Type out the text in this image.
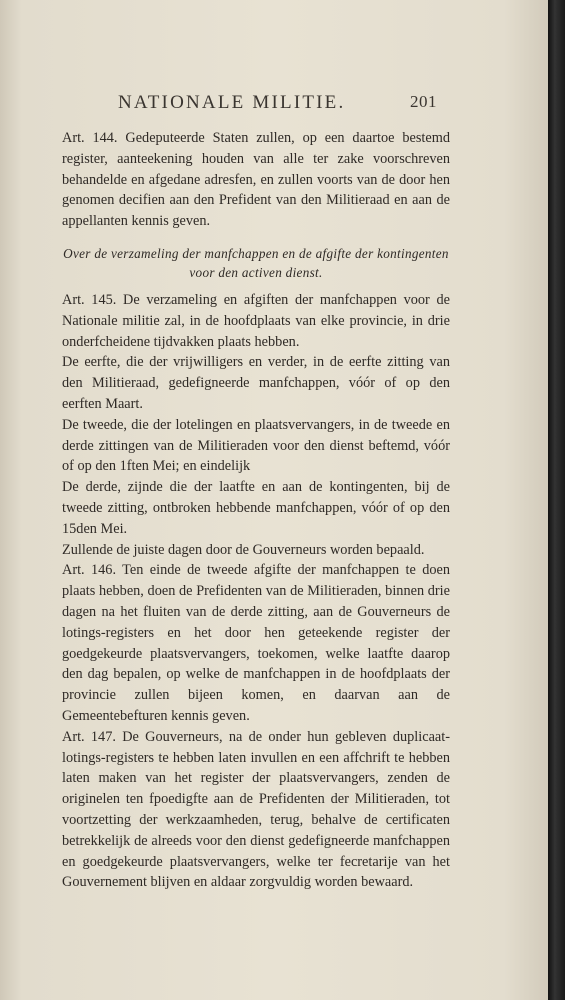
NATIONALE MILITIE.	201

Art. 144. Gedeputeerde Staten zullen, op een daartoe bestemd register, aanteekening houden van alle ter zake voorschreven behandelde en afgedane adresfen, en zullen voorts van de door hen genomen decifien aan den Prefident van den Militieraad en aan de appellanten kennis geven.

Over de verzameling der manfchappen en de afgifte der kontingenten voor den activen dienst.

Art. 145. De verzameling en afgiften der manfchappen voor de Nationale militie zal, in de hoofdplaats van elke provincie, in drie onderfcheidene tijdvakken plaats hebben.

De eerfte, die der vrijwilligers en verder, in de eerfte zitting van den Militieraad, gedefigneerde manfchappen, vóór of op den eerften Maart.

De tweede, die der lotelingen en plaatsvervangers, in de tweede en derde zittingen van de Militieraden voor den dienst beftemd, vóór of op den 1ften Mei; en eindelijk

De derde, zijnde die der laatfte en aan de kontingenten, bij de tweede zitting, ontbroken hebbende manfchappen, vóór of op den 15den Mei.

Zullende de juiste dagen door de Gouverneurs worden bepaald.

Art. 146. Ten einde de tweede afgifte der manfchappen te doen plaats hebben, doen de Prefidenten van de Militieraden, binnen drie dagen na het fluiten van de derde zitting, aan de Gouverneurs de lotings-registers en het door hen geteekende register der goedgekeurde plaatsvervangers, toekomen, welke laatfte daarop den dag bepalen, op welke de manfchappen in de hoofdplaats der provincie zullen bijeen komen, en daarvan aan de Gemeentebefturen kennis geven.

Art. 147. De Gouverneurs, na de onder hun gebleven duplicaat-lotings-registers te hebben laten invullen en een affchrift te hebben laten maken van het register der plaatsvervangers, zenden de originelen ten fpoedigfte aan de Prefidenten der Militieraden, tot voortzetting der werkzaamheden, terug, behalve de certificaten betrekkelijk de alreeds voor den dienst gedefigneerde manfchappen en goedgekeurde plaatsvervangers, welke ter fecretarije van het Gouvernement blijven en aldaar zorgvuldig worden bewaard.
